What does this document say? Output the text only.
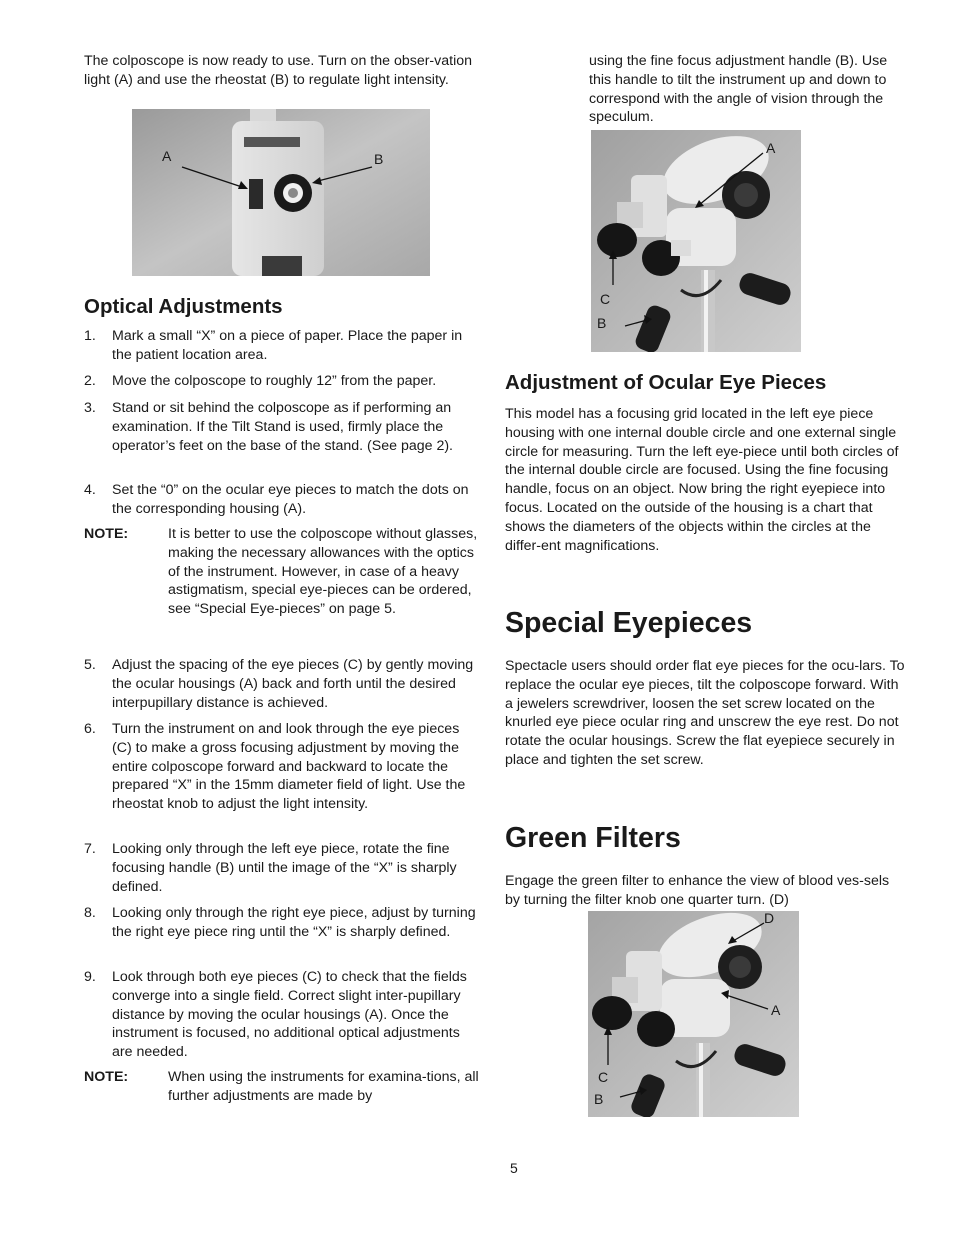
The colposcope is now ready to use. Turn on the obser-vation light (A) and use the rheostat (B) to regulate light intensity.

A	B
Optical Adjustments
1. Mark a small “X” on a piece of paper. Place the paper in the patient location area.
2. Move the colposcope to roughly 12” from the paper.
3. Stand or sit behind the colposcope as if performing an examination. If the Tilt Stand is used, firmly place the operator’s feet on the base of the stand. (See page 2).
4. Set the “0” on the ocular eye pieces to match the dots on the corresponding housing (A).
NOTE:	It is better to use the colposcope without glasses, making the necessary allowances with the optics of the instrument. However, in case of a heavy astigmatism, special eye-pieces can be ordered, see “Special Eye-pieces” on page 5.
5. Adjust the spacing of the eye pieces (C) by gently moving the ocular housings (A) back and forth until the desired interpupillary distance is achieved.
6. Turn the instrument on and look through the eye pieces (C) to make a gross focusing adjustment by moving the entire colposcope forward and backward to locate the prepared “X” in the 15mm diameter field of light. Use the rheostat knob to adjust the light intensity.
7. Looking only through the left eye piece, rotate the fine focusing handle (B) until the image of the “X” is sharply defined.
8. Looking only through the right eye piece, adjust by turning the right eye piece ring until the “X” is sharply defined.
9. Look through both eye pieces (C) to check that the fields converge into a single field. Correct slight inter-pupillary distance by moving the ocular housings (A). Once the instrument is focused, no additional optical adjustments are needed.
NOTE:	When using the instruments for examina-tions, all further adjustments are made by

using the fine focus adjustment handle (B). Use this handle to tilt the instrument up and down to correspond with the angle of vision through the speculum.

A
C
B
Adjustment of Ocular Eye Pieces

This model has a focusing grid located in the left eye piece housing with one internal double circle and one external single circle for measuring. Turn the left eye-piece until both circles of the internal double circle are focused. Using the fine focusing handle, focus on an object. Now bring the right eyepiece into focus. Located on the outside of the housing is a chart that shows the diameters of the objects within the circles at the differ-ent magnifications.

Special Eyepieces

Spectacle users should order flat eye pieces for the ocu-lars. To replace the ocular eye pieces, tilt the colposcope forward. With a jewelers screwdriver, loosen the set screw located on the knurled eye piece ocular ring and unscrew the eye rest. Do not rotate the ocular housings. Screw the flat eyepiece securely in place and tighten the set screw.

Green Filters

Engage the green filter to enhance the view of blood ves-sels by turning the filter knob one quarter turn. (D)

D
A
C
B
5
